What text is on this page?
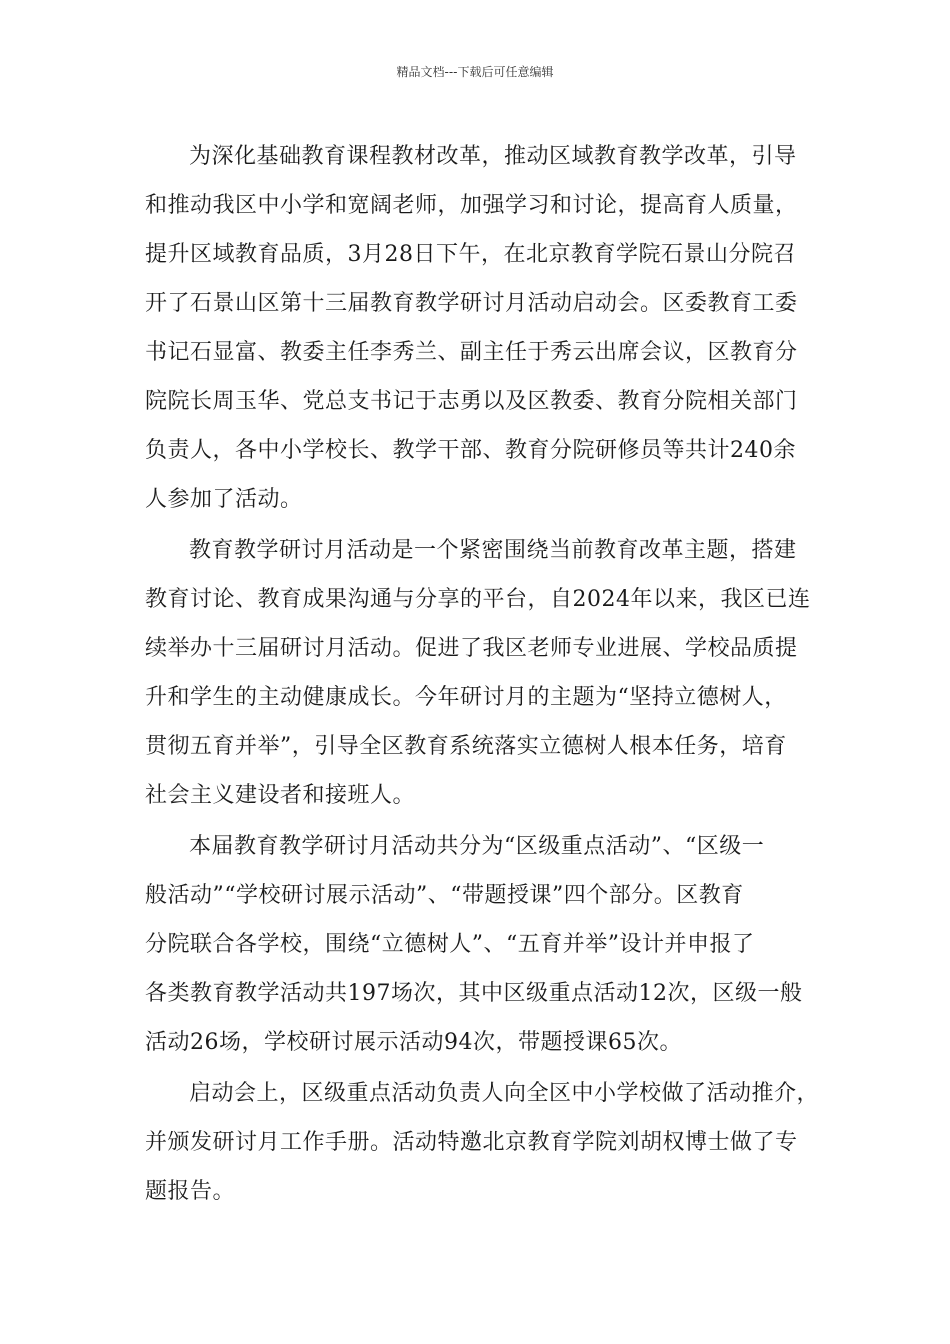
精品文档---下载后可任意编辑
为深化基础教育课程教材改革，推动区域教育教学改革，引导
和推动我区中小学和宽阔老师，加强学习和讨论，提高育人质量，
提升区域教育品质，3月28日下午，在北京教育学院石景山分院召
开了石景山区第十三届教育教学研讨月活动启动会。区委教育工委
书记石显富、教委主任李秀兰、副主任于秀云出席会议，区教育分
院院长周玉华、党总支书记于志勇以及区教委、教育分院相关部门
负责人，各中小学校长、教学干部、教育分院研修员等共计240余
人参加了活动。
教育教学研讨月活动是一个紧密围绕当前教育改革主题，搭建
教育讨论、教育成果沟通与分享的平台，自2024年以来，我区已连
续举办十三届研讨月活动。促进了我区老师专业进展、学校品质提
升和学生的主动健康成长。今年研讨月的主题为“坚持立德树人，
贯彻五育并举”，引导全区教育系统落实立德树人根本任务，培育
社会主义建设者和接班人。
本届教育教学研讨月活动共分为“区级重点活动”、“区级一
般活动”“学校研讨展示活动”、“带题授课”四个部分。区教育
分院联合各学校，围绕“立德树人”、“五育并举”设计并申报了
各类教育教学活动共197场次，其中区级重点活动12次，区级一般
活动26场，学校研讨展示活动94次，带题授课65次。
启动会上，区级重点活动负责人向全区中小学校做了活动推介，
并颁发研讨月工作手册。活动特邀北京教育学院刘胡权博士做了专
题报告。
